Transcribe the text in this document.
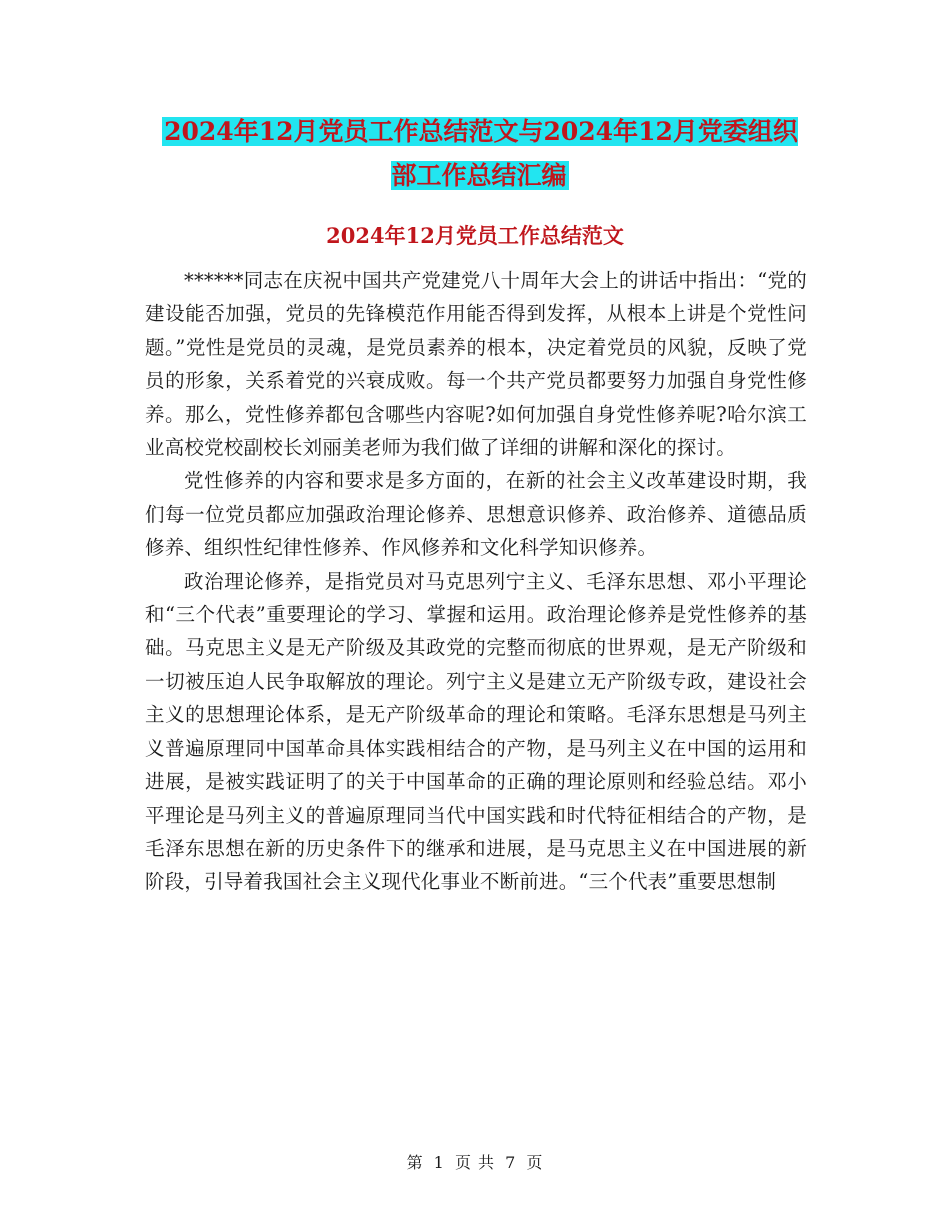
2024年12月党员工作总结范文与2024年12月党委组织部工作总结汇编
2024年12月党员工作总结范文

******同志在庆祝中国共产党建党八十周年大会上的讲话中指出：“党的建设能否加强，党员的先锋模范作用能否得到发挥，从根本上讲是个党性问题。”党性是党员的灵魂，是党员素养的根本，决定着党员的风貌，反映了党员的形象，关系着党的兴衰成败。每一个共产党员都要努力加强自身党性修养。那么，党性修养都包含哪些内容呢?如何加强自身党性修养呢?哈尔滨工业高校党校副校长刘丽美老师为我们做了详细的讲解和深化的探讨。

党性修养的内容和要求是多方面的，在新的社会主义改革建设时期，我们每一位党员都应加强政治理论修养、思想意识修养、政治修养、道德品质修养、组织性纪律性修养、作风修养和文化科学知识修养。

政治理论修养，是指党员对马克思列宁主义、毛泽东思想、邓小平理论和“三个代表”重要理论的学习、掌握和运用。政治理论修养是党性修养的基础。马克思主义是无产阶级及其政党的完整而彻底的世界观，是无产阶级和一切被压迫人民争取解放的理论。列宁主义是建立无产阶级专政，建设社会主义的思想理论体系，是无产阶级革命的理论和策略。毛泽东思想是马列主义普遍原理同中国革命具体实践相结合的产物，是马列主义在中国的运用和进展，是被实践证明了的关于中国革命的正确的理论原则和经验总结。邓小平理论是马列主义的普遍原理同当代中国实践和时代特征相结合的产物，是毛泽东思想在新的历史条件下的继承和进展，是马克思主义在中国进展的新阶段，引导着我国社会主义现代化事业不断前进。“三个代表”重要思想制

第 1 页 共 7 页
